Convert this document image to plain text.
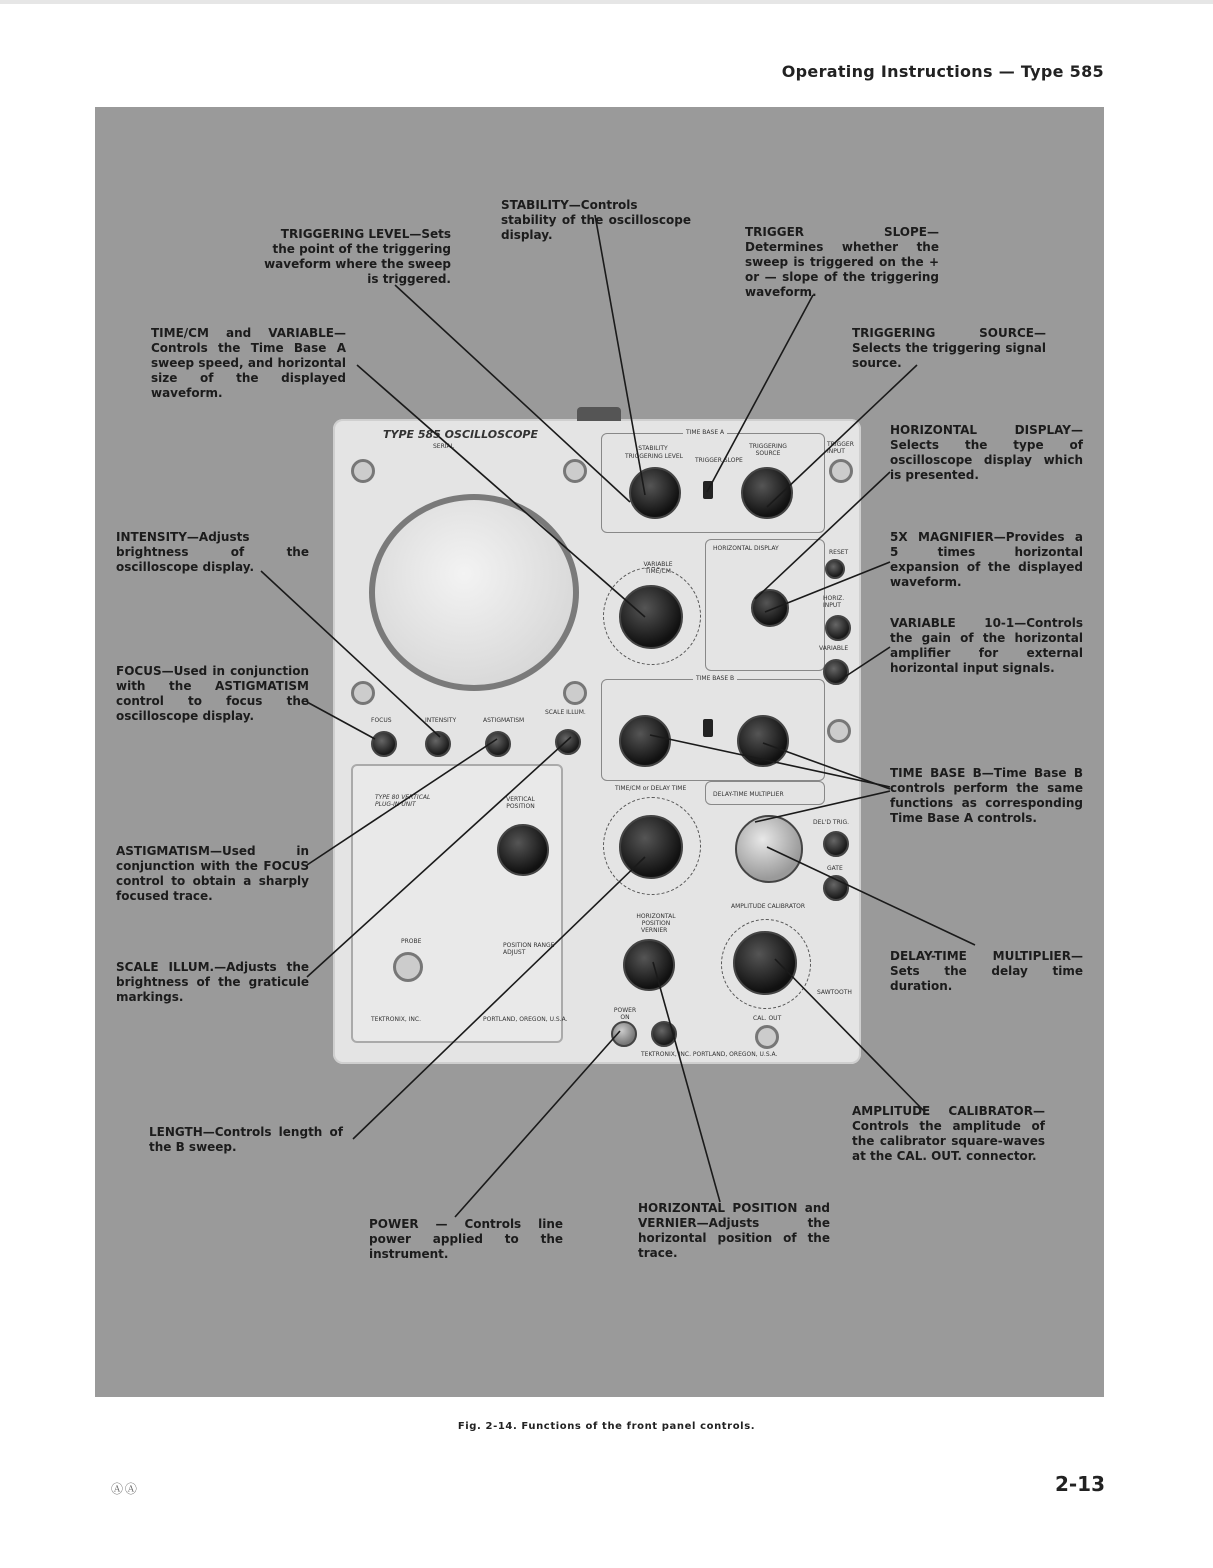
Operating Instructions — Type 585
TYPE 585 OSCILLOSCOPE
SERIAL
FOCUS	INTENSITY	ASTIGMATISM
SCALE ILLUM.
TYPE 80 VERTICAL PLUG-IN UNIT
VERTICAL POSITION
PROBE
POSITION RANGE ADJUST
TEKTRONIX, INC.	PORTLAND, OREGON, U.S.A.
TIME BASE A
STABILITY
TRIGGERING LEVEL
TRIGGER SLOPE
TRIGGERING SOURCE
TRIGGER INPUT
VARIABLE TIME/CM
HORIZONTAL DISPLAY
RESET
HORIZ. INPUT
VARIABLE
TIME BASE B
TIME/CM or DELAY TIME
DELAY-TIME MULTIPLIER
DEL'D TRIG.
GATE
HORIZONTAL POSITION
VERNIER
AMPLITUDE CALIBRATOR
SAWTOOTH
POWER ON	CAL. OUT
TEKTRONIX, INC. PORTLAND, OREGON, U.S.A.
STABILITY—Controls stability of the oscilloscope display.
TRIGGERING LEVEL—Sets the point of the triggering waveform where the sweep is triggered.
TRIGGER SLOPE—Determines whether the sweep is triggered on the + or — slope of the triggering waveform.
TIME/CM and VARIABLE—Controls the Time Base A sweep speed, and horizontal size of the displayed waveform.
TRIGGERING SOURCE—Selects the triggering signal source.
HORIZONTAL DISPLAY—Selects the type of oscilloscope display which is presented.
INTENSITY—Adjusts brightness of the oscilloscope display.
5X MAGNIFIER—Provides a 5 times horizontal expansion of the displayed waveform.
VARIABLE 10-1—Controls the gain of the horizontal amplifier for external horizontal input signals.
FOCUS—Used in conjunction with the ASTIGMATISM control to focus the oscilloscope display.
TIME BASE B—Time Base B controls perform the same functions as corresponding Time Base A controls.
ASTIGMATISM—Used in conjunction with the FOCUS control to obtain a sharply focused trace.
SCALE ILLUM.—Adjusts the brightness of the graticule markings.
DELAY-TIME MULTIPLIER—Sets the delay time duration.
AMPLITUDE CALIBRATOR—Controls the amplitude of the calibrator square-waves at the CAL. OUT. connector.
LENGTH—Controls length of the B sweep.
POWER — Controls line power applied to the instrument.
HORIZONTAL POSITION and VERNIER—Adjusts the horizontal position of the trace.
Fig. 2-14. Functions of the front panel controls.
Ⓐ Ⓐ	2-13
